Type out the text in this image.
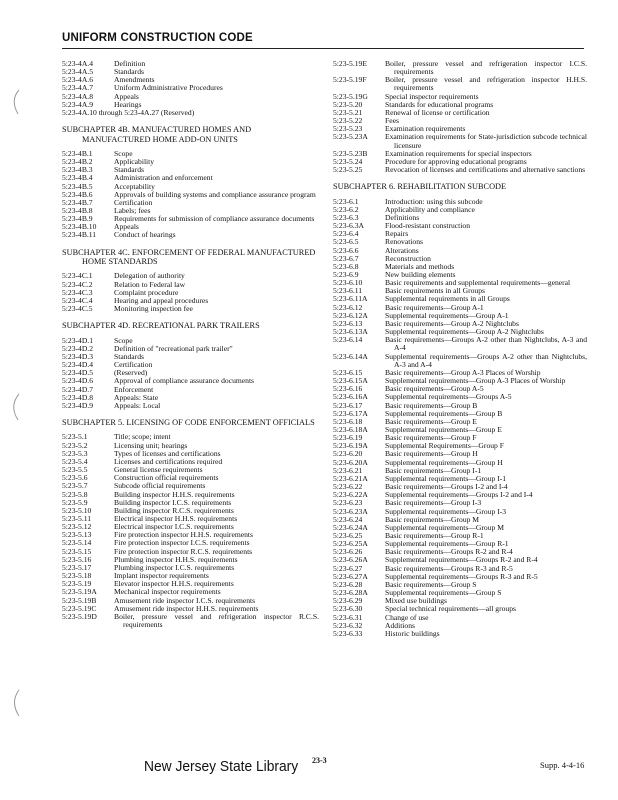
UNIFORM CONSTRUCTION CODE
5:23-4A.4	Definition
5:23-4A.5	Standards
5:23-4A.6	Amendments
5:23-4A.7	Uniform Administrative Procedures
5:23-4A.8	Appeals
5:23-4A.9	Hearings
5:23-4A.10 through 5:23-4A.27 (Reserved)
SUBCHAPTER 4B. MANUFACTURED HOMES AND MANUFACTURED HOME ADD-ON UNITS
5:23-4B.1	Scope
5:23-4B.2	Applicability
5:23-4B.3	Standards
5:23-4B.4	Administration and enforcement
5:23-4B.5	Acceptability
5:23-4B.6	Approvals of building systems and compliance assurance program
5:23-4B.7	Certification
5:23-4B.8	Labels; fees
5:23-4B.9	Requirements for submission of compliance assurance documents
5:23-4B.10	Appeals
5:23-4B.11	Conduct of hearings
SUBCHAPTER 4C. ENFORCEMENT OF FEDERAL MANUFACTURED HOME STANDARDS
5:23-4C.1	Delegation of authority
5:23-4C.2	Relation to Federal law
5:23-4C.3	Complaint procedure
5:23-4C.4	Hearing and appeal procedures
5:23-4C.5	Monitoring inspection fee
SUBCHAPTER 4D. RECREATIONAL PARK TRAILERS
5:23-4D.1	Scope
5:23-4D.2	Definition of "recreational park trailer"
5:23-4D.3	Standards
5:23-4D.4	Certification
5:23-4D.5	(Reserved)
5:23-4D.6	Approval of compliance assurance documents
5:23-4D.7	Enforcement
5:23-4D.8	Appeals: State
5:23-4D.9	Appeals: Local
SUBCHAPTER 5. LICENSING OF CODE ENFORCEMENT OFFICIALS
5:23-5.1	Title; scope; intent
5:23-5.2	Licensing unit; hearings
5:23-5.3	Types of licenses and certifications
5:23-5.4	Licenses and certifications required
5:23-5.5	General license requirements
5:23-5.6	Construction official requirements
5:23-5.7	Subcode official requirements
5:23-5.8	Building inspector H.H.S. requirements
5:23-5.9	Building inspector I.C.S. requirements
5:23-5.10	Building inspector R.C.S. requirements
5:23-5.11	Electrical inspector H.H.S. requirements
5:23-5.12	Electrical inspector I.C.S. requirements
5:23-5.13	Fire protection inspector H.H.S. requirements
5:23-5.14	Fire protection inspector I.C.S. requirements
5:23-5.15	Fire protection inspector R.C.S. requirements
5:23-5.16	Plumbing inspector H.H.S. requirements
5:23-5.17	Plumbing inspector I.C.S. requirements
5:23-5.18	Implant inspector requirements
5:23-5.19	Elevator inspector H.H.S. requirements
5:23-5.19A	Mechanical inspector requirements
5:23-5.19B	Amusement ride inspector I.C.S. requirements
5:23-5.19C	Amusement ride inspector H.H.S. requirements
5:23-5.19D	Boiler, pressure vessel and refrigeration inspector R.C.S. requirements
5:23-5.19E	Boiler, pressure vessel and refrigeration inspector I.C.S. requirements
5:23-5.19F	Boiler, pressure vessel and refrigeration inspector H.H.S. requirements
5:23-5.19G	Special inspector requirements
5:23-5.20	Standards for educational programs
5:23-5.21	Renewal of license or certification
5:23-5.22	Fees
5:23-5.23	Examination requirements
5:23-5.23A	Examination requirements for State-jurisdiction subcode technical licensure
5:23-5.23B	Examination requirements for special inspectors
5:23-5.24	Procedure for approving educational programs
5:23-5.25	Revocation of licenses and certifications and alternative sanctions
SUBCHAPTER 6. REHABILITATION SUBCODE
5:23-6.1	Introduction: using this subcode
5:23-6.2	Applicability and compliance
5:23-6.3	Definitions
5:23-6.3A	Flood-resistant construction
5:23-6.4	Repairs
5:23-6.5	Renovations
5:23-6.6	Alterations
5:23-6.7	Reconstruction
5:23-6.8	Materials and methods
5:23-6.9	New building elements
5:23-6.10	Basic requirements and supplemental requirements—general
5:23-6.11	Basic requirements in all Groups
5:23-6.11A	Supplemental requirements in all Groups
5:23-6.12	Basic requirements—Group A-1
5:23-6.12A	Supplemental requirements—Group A-1
5:23-6.13	Basic requirements—Group A-2 Nightclubs
5:23-6.13A	Supplemental requirements—Group A-2 Nightclubs
5:23-6.14	Basic requirements—Groups A-2 other than Nightclubs, A-3 and A-4
5:23-6.14A	Supplemental requirements—Groups A-2 other than Nightclubs, A-3 and A-4
5:23-6.15	Basic requirements—Group A-3 Places of Worship
5:23-6.15A	Supplemental requirements—Group A-3 Places of Worship
5:23-6.16	Basic requirements—Group A-5
5:23-6.16A	Supplemental requirements—Groups A-5
5:23-6.17	Basic requirements—Group B
5:23-6.17A	Supplemental requirements—Group B
5:23-6.18	Basic requirements—Group E
5:23-6.18A	Supplemental requirements—Group E
5:23-6.19	Basic requirements—Group F
5:23-6.19A	Supplemental Requirements—Group F
5:23-6.20	Basic requirements—Group H
5:23-6.20A	Supplemental requirements—Group H
5:23-6.21	Basic requirements—Group I-1
5:23-6.21A	Supplemental requirements—Group I-1
5:23-6.22	Basic requirements—Groups I-2 and I-4
5:23-6.22A	Supplemental requirements—Groups I-2 and I-4
5:23-6.23	Basic requirements—Group I-3
5:23-6.23A	Supplemental requirements—Group I-3
5:23-6.24	Basic requirements—Group M
5:23-6.24A	Supplemental requirements—Group M
5:23-6.25	Basic requirements—Group R-1
5:23-6.25A	Supplemental requirements—Group R-1
5:23-6.26	Basic requirements—Groups R-2 and R-4
5:23-6.26A	Supplemental requirements—Groups R-2 and R-4
5:23-6.27	Basic requirements—Groups R-3 and R-5
5:23-6.27A	Supplemental requirements—Groups R-3 and R-5
5:23-6.28	Basic requirements—Group S
5:23-6.28A	Supplemental requirements—Group S
5:23-6.29	Mixed use buildings
5:23-6.30	Special technical requirements—all groups
5:23-6.31	Change of use
5:23-6.32	Additions
5:23-6.33	Historic buildings
New Jersey State Library 23-3	Supp. 4-4-16
